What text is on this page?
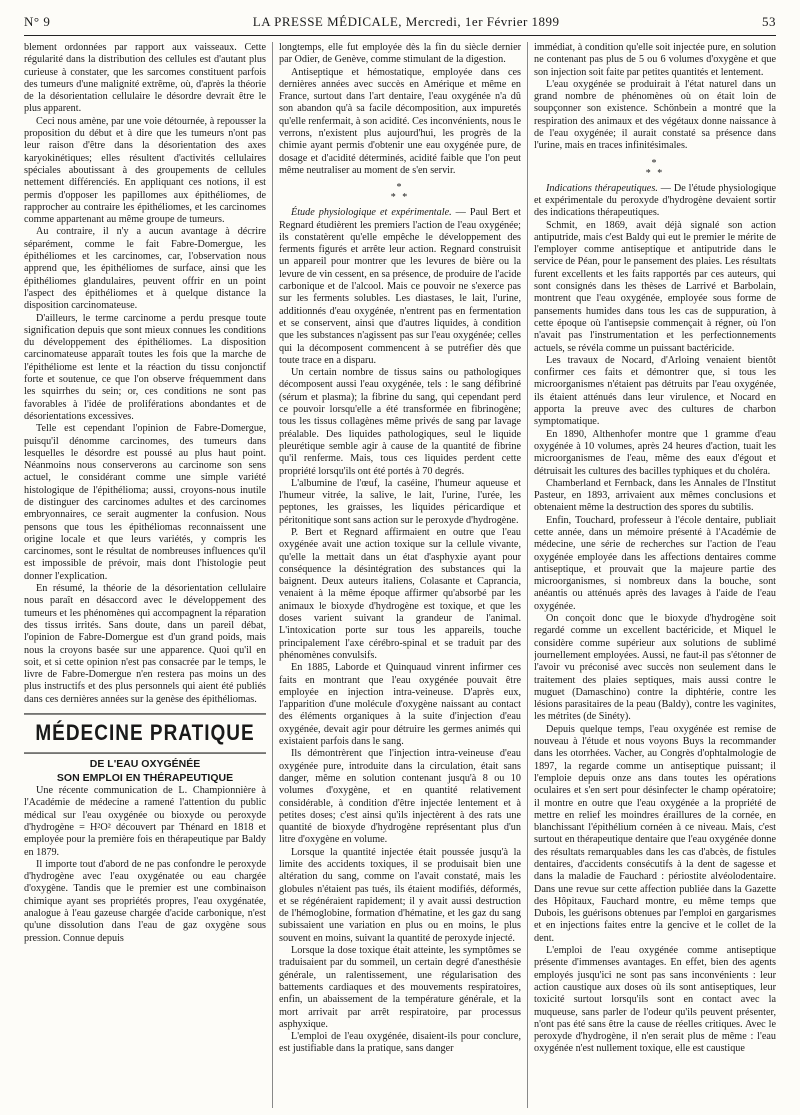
N° 9	LA PRESSE MÉDICALE, Mercredi, 1er Février 1899	53

blement ordonnées par rapport aux vaisseaux. Cette régularité dans la distribution des cellules est d'autant plus curieuse à constater, que les sarcomes constituent parfois des tumeurs d'une malignité extrême, où, d'après la théorie de la désorientation cellulaire le désordre devrait être le plus apparent.

Ceci nous amène, par une voie détournée, à repousser la proposition du début et à dire que les tumeurs n'ont pas leur raison d'être dans la désorientation des axes karyokinétiques; elles résultent d'activités cellulaires spéciales aboutissant à des groupements de cellules nettement différenciés. En appliquant ces notions, il est permis d'opposer les papillomes aux épithéliomes, de rapprocher au contraire les épithéliomes, et les carcinomes comme appartenant au même groupe de tumeurs.

Au contraire, il n'y a aucun avantage à décrire séparément, comme le fait Fabre-Domergue, les épithéliomes et les carcinomes, car, l'observation nous apprend que, les épithéliomes de surface, ainsi que les épithéliomes glandulaires, peuvent offrir en un point l'aspect des épithéliomes et à quelque distance la disposition carcinomateuse.

D'ailleurs, le terme carcinome a perdu presque toute signification depuis que sont mieux connues les conditions du développement des épithéliomes. La disposition carcinomateuse apparaît toutes les fois que la marche de l'épithéliome est lente et la réaction du tissu conjonctif forte et soutenue, ce que l'on observe fréquemment dans les squirrhes du sein; or, ces conditions ne sont pas favorables à l'idée de proliférations abondantes et de désorientations excessives.

Telle est cependant l'opinion de Fabre-Domergue, puisqu'il dénomme carcinomes, des tumeurs dans lesquelles le désordre est poussé au plus haut point. Néanmoins nous conserverons au carcinome son sens actuel, le considérant comme une simple variété histologique de l'épithélioma; aussi, croyons-nous inutile de distinguer des carcinomes adultes et des carcinomes embryonnaires, ce serait augmenter la confusion. Nous pensons que tous les épithéliomas reconnaissent une origine locale et que leurs variétés, y compris les carcinomes, sont le résultat de nombreuses influences qu'il est impossible de prévoir, mais dont l'histologie peut donner l'explication.

En résumé, la théorie de la désorientation cellulaire nous paraît en désaccord avec le développement des tumeurs et les phénomènes qui accompagnent la réparation des tissus irrités. Sans doute, dans un pareil débat, l'opinion de Fabre-Domergue est d'un grand poids, mais nous la croyons basée sur une apparence. Quoi qu'il en soit, et si cette opinion n'est pas consacrée par le temps, le livre de Fabre-Domergue n'en restera pas moins un des plus instructifs et des plus personnels qui aient été publiés dans ces dernières années sur la genèse des épithéliomas.

MÉDECINE PRATIQUE

DE L'EAU OXYGÉNÉE

SON EMPLOI EN THÉRAPEUTIQUE

Une récente communication de L. Championnière à l'Académie de médecine a ramené l'attention du public médical sur l'eau oxygénée ou bioxyde ou peroxyde d'hydrogène = H²O² découvert par Thénard en 1818 et employée pour la première fois en thérapeutique par Baldy en 1879.

Il importe tout d'abord de ne pas confondre le peroxyde d'hydrogène avec l'eau oxygénatée ou eau chargée d'oxygène. Tandis que le premier est une combinaison chimique ayant ses propriétés propres, l'eau oxygénatée, analogue à l'eau gazeuse chargée d'acide carbonique, n'est qu'une dissolution dans l'eau de gaz oxygène sous pression. Connue depuis

longtemps, elle fut employée dès la fin du siècle dernier par Odier, de Genève, comme stimulant de la digestion.

Antiseptique et hémostatique, employée dans ces dernières années avec succès en Amérique et même en France, surtout dans l'art dentaire, l'eau oxygénée n'a dû son abandon qu'à sa facile décomposition, aux impuretés qu'elle renfermait, à son acidité. Ces inconvénients, nous le verrons, n'existent plus aujourd'hui, les progrès de la chimie ayant permis d'obtenir une eau oxygénée pure, de dosage et d'acidité déterminés, acidité faible que l'on peut même neutraliser au moment de s'en servir.

*
* *

Étude physiologique et expérimentale. — Paul Bert et Regnard étudièrent les premiers l'action de l'eau oxygénée; ils constatèrent qu'elle empêche le développement des ferments figurés et arrête leur action. Regnard construisit un appareil pour montrer que les levures de bière ou la levure de vin cessent, en sa présence, de produire de l'acide carbonique et de l'alcool. Mais ce pouvoir ne s'exerce pas sur les ferments solubles. Les diastases, le lait, l'urine, additionnés d'eau oxygénée, n'entrent pas en fermentation et se conservent, ainsi que d'autres liquides, à condition que les substances n'agissent pas sur l'eau oxygénée; celles qui la décomposent commencent à se putréfier dès que toute trace en a disparu.

Un certain nombre de tissus sains ou pathologiques décomposent aussi l'eau oxygénée, tels : le sang défibriné (sérum et plasma); la fibrine du sang, qui cependant perd ce pouvoir lorsqu'elle a été transformée en fibrinogène; tous les tissus collagènes même privés de sang par lavage préalable. Des liquides pathologiques, seul le liquide pleurétique semble agir à cause de la quantité de fibrine qu'il renferme. Mais, tous ces liquides perdent cette propriété lorsqu'ils ont été portés à 70 degrés.

L'albumine de l'œuf, la caséine, l'humeur aqueuse et l'humeur vitrée, la salive, le lait, l'urine, l'urée, les peptones, les graisses, les liquides péricardique et péritonitique sont sans action sur le peroxyde d'hydrogène.

P. Bert et Regnard affirmaient en outre que l'eau oxygénée avait une action toxique sur la cellule vivante, qu'elle la mettait dans un état d'asphyxie ayant pour conséquence la désintégration des substances qui la baignent. Deux auteurs italiens, Colasante et Caprancia, venaient à la même époque affirmer qu'absorbé par les animaux le bioxyde d'hydrogène est toxique, et que les doses varient suivant la grandeur de l'animal. L'intoxication porte sur tous les appareils, touche principalement l'axe cérébro-spinal et se traduit par des phénomènes convulsifs.

En 1885, Laborde et Quinquaud vinrent infirmer ces faits en montrant que l'eau oxygénée pouvait être employée en injection intra-veineuse. D'après eux, l'apparition d'une molécule d'oxygène naissant au contact des éléments organiques à la suite d'injection d'eau oxygénée, devait agir pour détruire les germes animés qui existaient parfois dans le sang.

Ils démontrèrent que l'injection intra-veineuse d'eau oxygénée pure, introduite dans la circulation, était sans danger, même en solution contenant jusqu'à 8 ou 10 volumes d'oxygène, et en quantité relativement considérable, à condition d'être injectée lentement et à petites doses; c'est ainsi qu'ils injectèrent à des rats une quantité de bioxyde d'hydrogène représentant plus d'un litre d'oxygène en volume.

Lorsque la quantité injectée était poussée jusqu'à la limite des accidents toxiques, il se produisait bien une altération du sang, comme on l'avait constaté, mais les globules n'étaient pas tués, ils étaient modifiés, déformés, et se régénéraient rapidement; il y avait aussi destruction de l'hémoglobine, formation d'hématine, et les gaz du sang subissaient une variation en plus ou en moins, le plus souvent en moins, suivant la quantité de peroxyde injecté.

Lorsque la dose toxique était atteinte, les symptômes se traduisaient par du sommeil, un certain degré d'anesthésie générale, un ralentissement, une régularisation des battements cardiaques et des mouvements respiratoires, enfin, un abaissement de la température générale, et la mort arrivait par arrêt respiratoire, par processus asphyxique.

L'emploi de l'eau oxygénée, disaient-ils pour conclure, est justifiable dans la pratique, sans danger

immédiat, à condition qu'elle soit injectée pure, en solution ne contenant pas plus de 5 ou 6 volumes d'oxygène et que son injection soit faite par petites quantités et lentement.

L'eau oxygénée se produirait à l'état naturel dans un grand nombre de phénomènes où on était loin de soupçonner son existence. Schönbein a montré que la respiration des animaux et des végétaux donne naissance à de l'eau oxygénée; il aurait constaté sa présence dans l'urine, mais en traces infinitésimales.

*
* *

Indications thérapeutiques. — De l'étude physiologique et expérimentale du peroxyde d'hydrogène devaient sortir des indications thérapeutiques.

Schmit, en 1869, avait déjà signalé son action antiputride, mais c'est Baldy qui eut le premier le mérite de l'employer comme antiseptique et antiputride dans le service de Péan, pour le pansement des plaies. Les résultats furent excellents et les faits rapportés par ces auteurs, qui sont consignés dans les thèses de Larrivé et Barbolain, montrent que l'eau oxygénée, employée sous forme de pansements humides dans tous les cas de suppuration, à cette époque où l'antisepsie commençait à régner, où l'on n'avait pas l'instrumentation et les perfectionnements actuels, se révéla comme un puissant bactéricide.

Les travaux de Nocard, d'Arloing venaient bientôt confirmer ces faits et démontrer que, si tous les microorganismes n'étaient pas détruits par l'eau oxygénée, ils étaient atténués dans leur virulence, et Nocard en apporta la preuve avec des cultures de charbon symptomatique.

En 1890, Althenhofer montre que 1 gramme d'eau oxygénée à 10 volumes, après 24 heures d'action, tuait les microorganismes de l'eau, même des eaux d'égout et détruisait les cultures des bacilles typhiques et du choléra.

Chamberland et Fernback, dans les Annales de l'Institut Pasteur, en 1893, arrivaient aux mêmes conclusions et obtenaient même la destruction des spores du subtilis.

Enfin, Touchard, professeur à l'école dentaire, publiait cette année, dans un mémoire présenté à l'Académie de médecine, une série de recherches sur l'action de l'eau oxygénée employée dans les affections dentaires comme antiseptique, et prouvait que la majeure partie des microorganismes, si nombreux dans la bouche, sont anéantis ou atténués après des lavages à l'aide de l'eau oxygénée.

On conçoit donc que le bioxyde d'hydrogène soit regardé comme un excellent bactéricide, et Miquel le considère comme supérieur aux solutions de sublimé journellement employées. Aussi, ne faut-il pas s'étonner de l'avoir vu préconisé avec succès non seulement dans le traitement des plaies septiques, mais aussi contre le muguet (Damaschino) contre la diphtérie, contre les lésions parasitaires de la peau (Baldy), contre les vaginites, les métrites (de Sinéty).

Depuis quelque temps, l'eau oxygénée est remise de nouveau à l'étude et nous voyons Buys la recommander dans les otorrhées. Vacher, au Congrès d'ophtalmologie de 1897, la regarde comme un antiseptique puissant; il l'emploie depuis onze ans dans toutes les opérations oculaires et s'en sert pour désinfecter le champ opératoire; il montre en outre que l'eau oxygénée a la propriété de mettre en relief les moindres éraillures de la cornée, en blanchissant l'épithélium cornéen à ce niveau. Mais, c'est surtout en thérapeutique dentaire que l'eau oxygénée donne des résultats remarquables dans les cas d'abcès, de fistules dentaires, d'accidents consécutifs à la dent de sagesse et dans la maladie de Fauchard : périostite alvéolodentaire. Dans une revue sur cette affection publiée dans la Gazette des Hôpitaux, Fauchard montre, eu même temps que Dubois, les guérisons obtenues par l'emploi en gargarismes et en injections faites entre la gencive et le collet de la dent.

L'emploi de l'eau oxygénée comme antiseptique présente d'immenses avantages. En effet, bien des agents employés jusqu'ici ne sont pas sans inconvénients : leur action caustique aux doses où ils sont antiseptiques, leur toxicité surtout lorsqu'ils sont en contact avec la muqueuse, sans parler de l'odeur qu'ils peuvent présenter, n'ont pas été sans être la cause de réelles critiques. Avec le peroxyde d'hydrogène, il n'en serait plus de même : l'eau oxygénée n'est nullement toxique, elle est caustique
